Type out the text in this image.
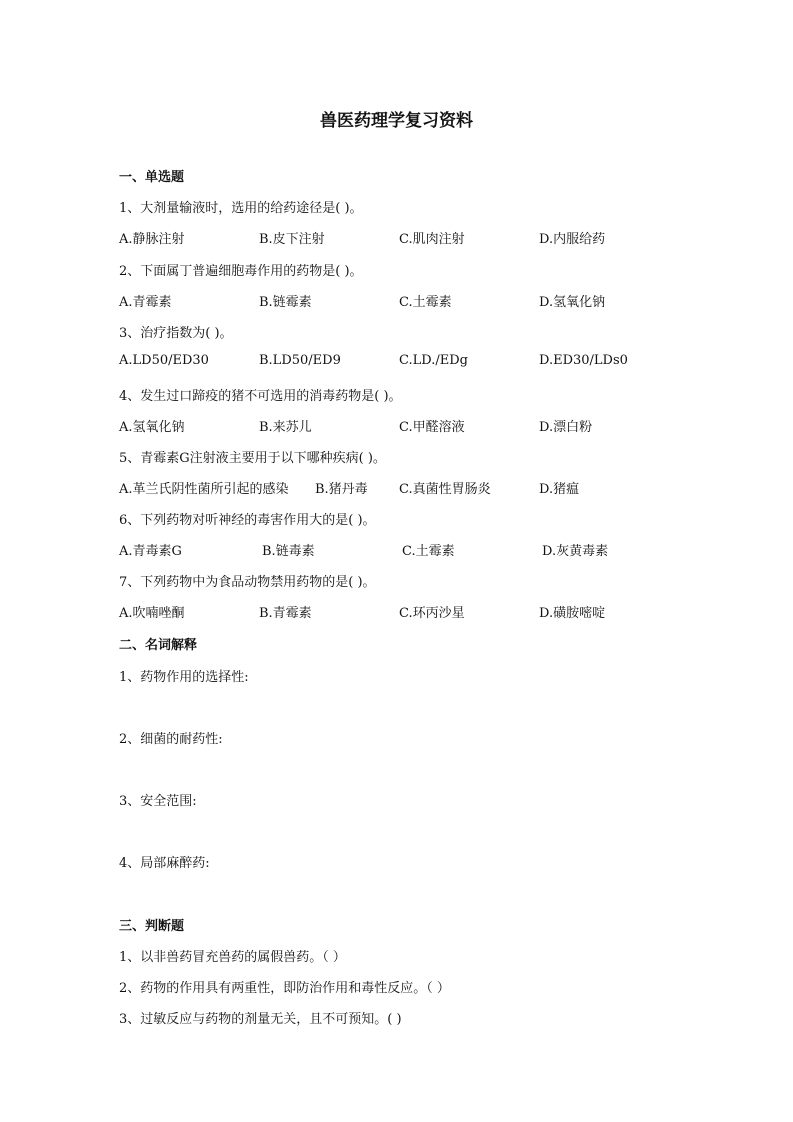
兽医药理学复习资料
一、单选题
1、大剂量输液时，选用的给药途径是( )。
A.静脉注射	B.皮下注射	C.肌肉注射	D.内服给药
2、下面属丁普遍细胞毒作用的药物是( )。
A.青霉素	B.链霉素	C.土霉素	D.氢氧化钠
3、治疗指数为( )。
A.LD50/ED30	B.LD50/ED9	C.LD./EDg	D.ED30/LDs0
4、发生过口蹄疫的猪不可选用的消毒药物是( )。
A.氢氧化钠	B.来苏儿	C.甲醛溶液	D.漂白粉
5、青霉素G注射液主要用于以下哪种疾病( )。
A.革兰氏阴性菌所引起的感染 B.猪丹毒 C.真菌性胃肠炎	D.猪瘟
6、下列药物对听神经的毒害作用大的是( )。
A.青毒素G	B.链毒素	C.土霉素	D.灰黄毒素
7、下列药物中为食品动物禁用药物的是( )。
A.吹喃唑酮	B.青霉素	C.环丙沙星	D.磺胺嘧啶
二、名词解释
1、药物作用的选择性:
2、细菌的耐药性:
3、安全范围:
4、局部麻醉药:
三、判断题
1、以非兽药冒充兽药的属假兽药。（ ）
2、药物的作用具有两重性，即防治作用和毒性反应。（ ）
3、过敏反应与药物的剂量无关，且不可预知。( )
